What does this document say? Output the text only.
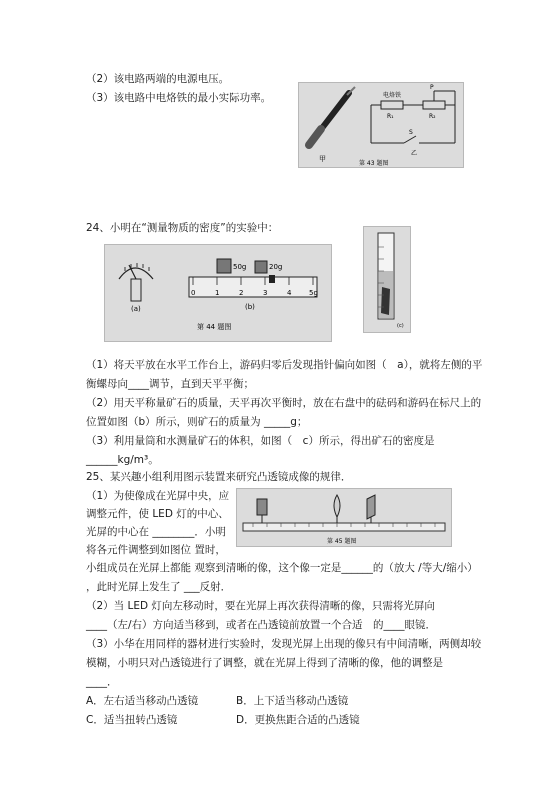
（2）该电路两端的电源电压。
（3）该电路中电烙铁的最小实际功率。
甲
电烙铁
P
R₁	R₂
S
乙
第 43 题图
24、小明在“测量物质的密度”的实验中：
(a)
50g	20g
0	1	2	3	4	5g
(b)
第 44 题图	(c)
（1）将天平放在水平工作台上，游码归零后发现指针偏向如图（　a），就将左侧的平
衡螺母向____调节，直到天平平衡；
（2）用天平称量矿石的质量，天平再次平衡时，放在右盘中的砝码和游码在标尺上的
位置如图（b）所示，则矿石的质量为 _____g；
（3）利用量筒和水测量矿石的体积，如图（　c）所示，得出矿石的密度是
______kg/m³。
25、某兴趣小组利用图示装置来研究凸透镜成像的规律．
（1）为使像成在光屏中央，应
调整元件，使 LED 灯的中心、
光屏的中心在 ________．小明
将各元件调整到如图位 置时，
第 45 题图
小组成员在光屏上都能 观察到清晰的像，这个像一定是______的（放大 /等大/缩小）
，此时光屏上发生了 ___反射．
（2）当 LED 灯向左移动时，要在光屏上再次获得清晰的像，只需将光屏向
____（左/右）方向适当移到，或者在凸透镜前放置一个合适　的____眼镜．
（3）小华在用同样的器材进行实验时，发现光屏上出现的像只有中间清晰，两侧却较
模糊，小明只对凸透镜进行了调整，就在光屏上得到了清晰的像，他的调整是
____．
A．左右适当移动凸透镜	B．上下适当移动凸透镜
C．适当扭转凸透镜	D．更换焦距合适的凸透镜
